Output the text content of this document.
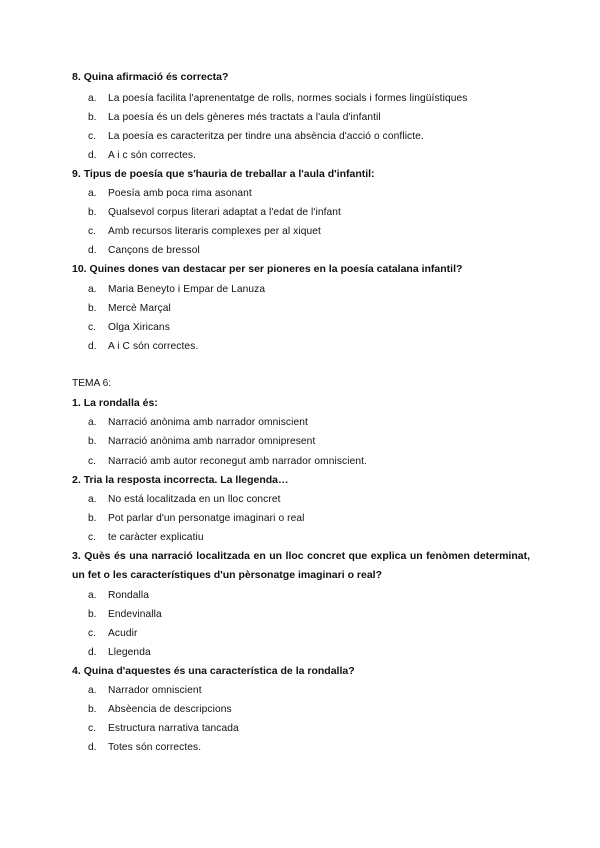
8. Quina afirmació és correcta?
a. La poesía facilita l'aprenentatge de rolls, normes socials i formes lingüístiques
b. La poesía és un dels gèneres més tractats a l'aula d'infantil
c. La poesía es caracteritza per tindre una absència d'acció o conflicte.
d. A i c són correctes.
9. Tipus de poesía que s'hauria de treballar a l'aula d'infantil:
a. Poesía amb poca rima asonant
b. Qualsevol corpus literari adaptat a l'edat de l'infant
c. Amb recursos literaris complexes per al xiquet
d. Cançons de bressol
10. Quines dones van destacar per ser pioneres en la poesía catalana infantil?
a. Maria Beneyto i Empar de Lanuza
b. Mercè Marçal
c. Olga Xiricans
d. A i C són correctes.
TEMA 6:
1. La rondalla és:
a. Narració anònima amb narrador omniscient
b. Narració anònima amb narrador omnipresent
c. Narració amb autor reconegut amb narrador omniscient.
2. Tria la resposta incorrecta. La llegenda…
a. No está localitzada en un lloc concret
b. Pot parlar d'un personatge imaginari o real
c. te caràcter explicatiu
3. Quès és una narració localitzada en un lloc concret que explica un fenòmen determinat, un fet o les característiques d'un pèrsonatge imaginari o real?
a. Rondalla
b. Endevinalla
c. Acudir
d. Llegenda
4. Quina d'aquestes és una característica de la rondalla?
a. Narrador omniscient
b. Absèencia de descripcions
c. Estructura narrativa tancada
d. Totes són correctes.
